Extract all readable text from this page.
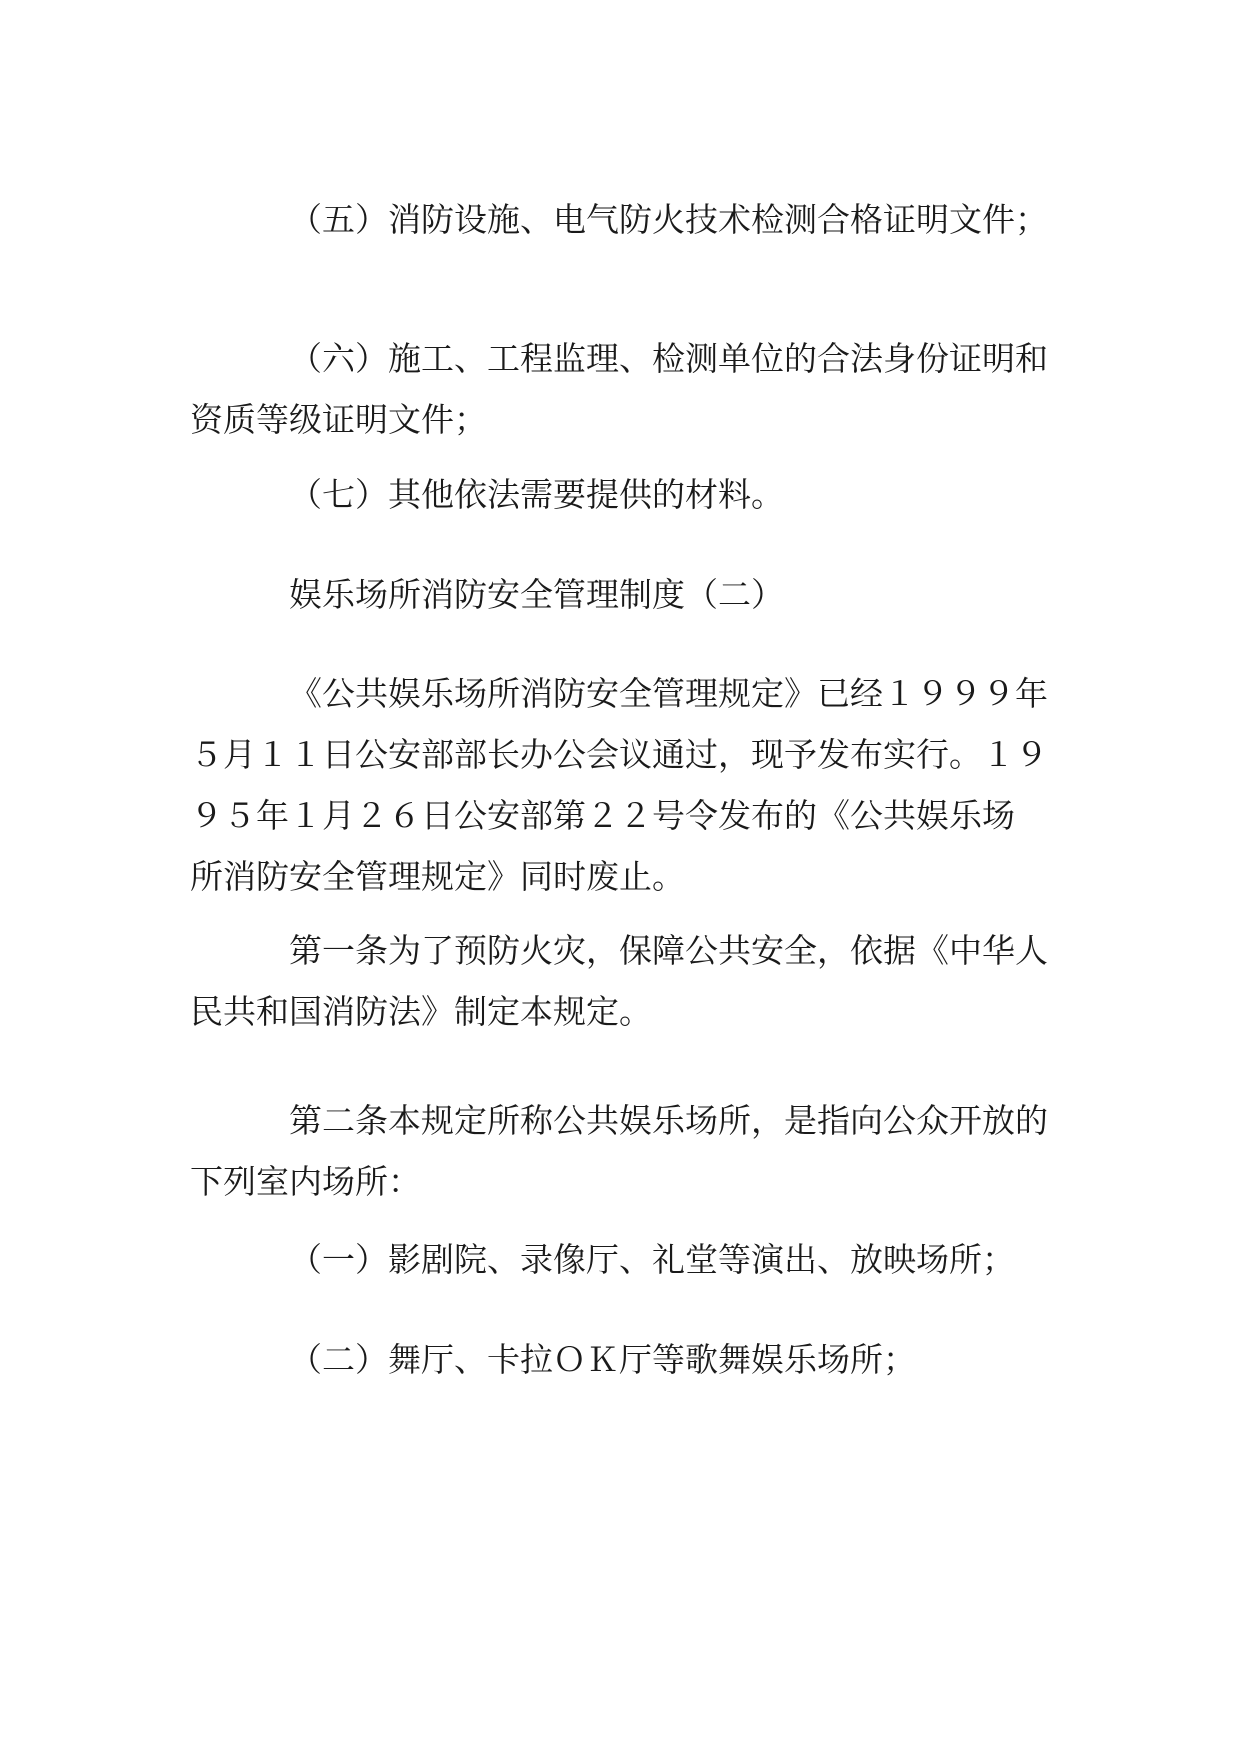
（五）消防设施、电气防火技术检测合格证明文件；
（六）施工、工程监理、检测单位的合法身份证明和
资质等级证明文件；
（七）其他依法需要提供的材料。
娱乐场所消防安全管理制度（二）
《公共娱乐场所消防安全管理规定》已经１９９９年
５月１１日公安部部长办公会议通过，现予发布实行。１９
９５年１月２６日公安部第２２号令发布的《公共娱乐场
所消防安全管理规定》同时废止。
第一条为了预防火灾，保障公共安全，依据《中华人
民共和国消防法》制定本规定。
第二条本规定所称公共娱乐场所，是指向公众开放的
下列室内场所：
（一）影剧院、录像厅、礼堂等演出、放映场所；
（二）舞厅、卡拉ＯＫ厅等歌舞娱乐场所；
